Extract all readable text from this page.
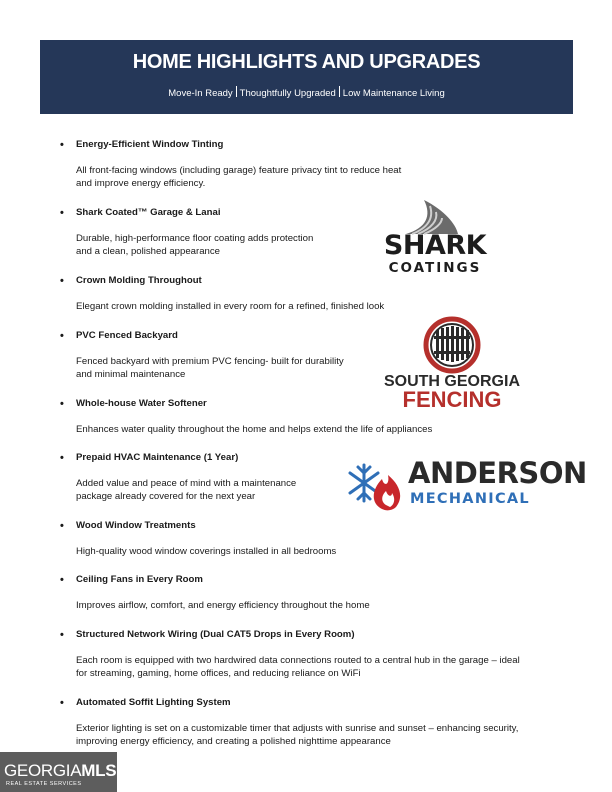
HOME HIGHLIGHTS AND UPGRADES
Move-In Ready Thoughtfully Upgraded Low Maintenance Living
• Energy-Efficient Window Tinting
All front-facing windows (including garage) feature privacy tint to reduce heat
and improve energy efficiency.
• Shark Coated™ Garage & Lanai
Durable, high-performance floor coating adds protection
and a clean, polished appearance
• Crown Molding Throughout
Elegant crown molding installed in every room for a refined, finished look
• PVC Fenced Backyard
Fenced backyard with premium PVC fencing- built for durability
and minimal maintenance
• Whole-house Water Softener
Enhances water quality throughout the home and helps extend the life of appliances
• Prepaid HVAC Maintenance (1 Year)
Added value and peace of mind with a maintenance
package already covered for the next year
• Wood Window Treatments
High-quality wood window coverings installed in all bedrooms
• Ceiling Fans in Every Room
Improves airflow, comfort, and energy efficiency throughout the home
• Structured Network Wiring (Dual CAT5 Drops in Every Room)
Each room is equipped with two hardwired data connections routed to a central hub in the garage – ideal
for streaming, gaming, home offices, and reducing reliance on WiFi
• Automated Soffit Lighting System
Exterior lighting is set on a customizable timer that adjusts with sunrise and sunset – enhancing security,
improving energy efficiency, and creating a polished nighttime appearance
SHARK
COATINGS
SOUTH GEORGIA
FENCING
ANDERSON
MECHANICAL
GEORGIAMLS
REAL ESTATE SERVICES
